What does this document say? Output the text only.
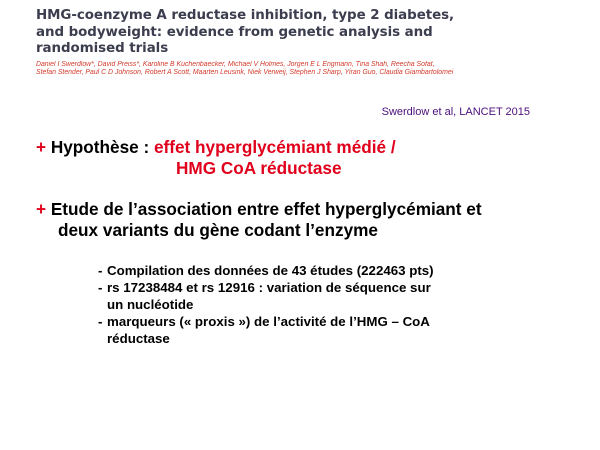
HMG-coenzyme A reductase inhibition, type 2 diabetes,
and bodyweight: evidence from genetic analysis and
randomised trials
Daniel I Swerdlow*, David Preiss*, Karoline B Kuchenbaecker, Michael V Holmes, Jorgen E L Engmann, Tina Shah, Reecha Sofat,
Stefan Stender, Paul C D Johnson, Robert A Scott, Maarten Leusink, Niek Verweij, Stephen J Sharp, Yiran Guo, Claudia Giambartolomei
Swerdlow et al, LANCET 2015
+ Hypothèse : effet hyperglycémiant médié /
HMG CoA réductase
+ Etude de l’association entre effet hyperglycémiant et
deux variants du gène codant l’enzyme
- Compilation des données de 43 études (222463 pts)
- rs 17238484 et rs 12916 : variation de séquence sur
un nucléotide
- marqueurs (« proxis ») de l’activité de l’HMG – CoA
réductase
